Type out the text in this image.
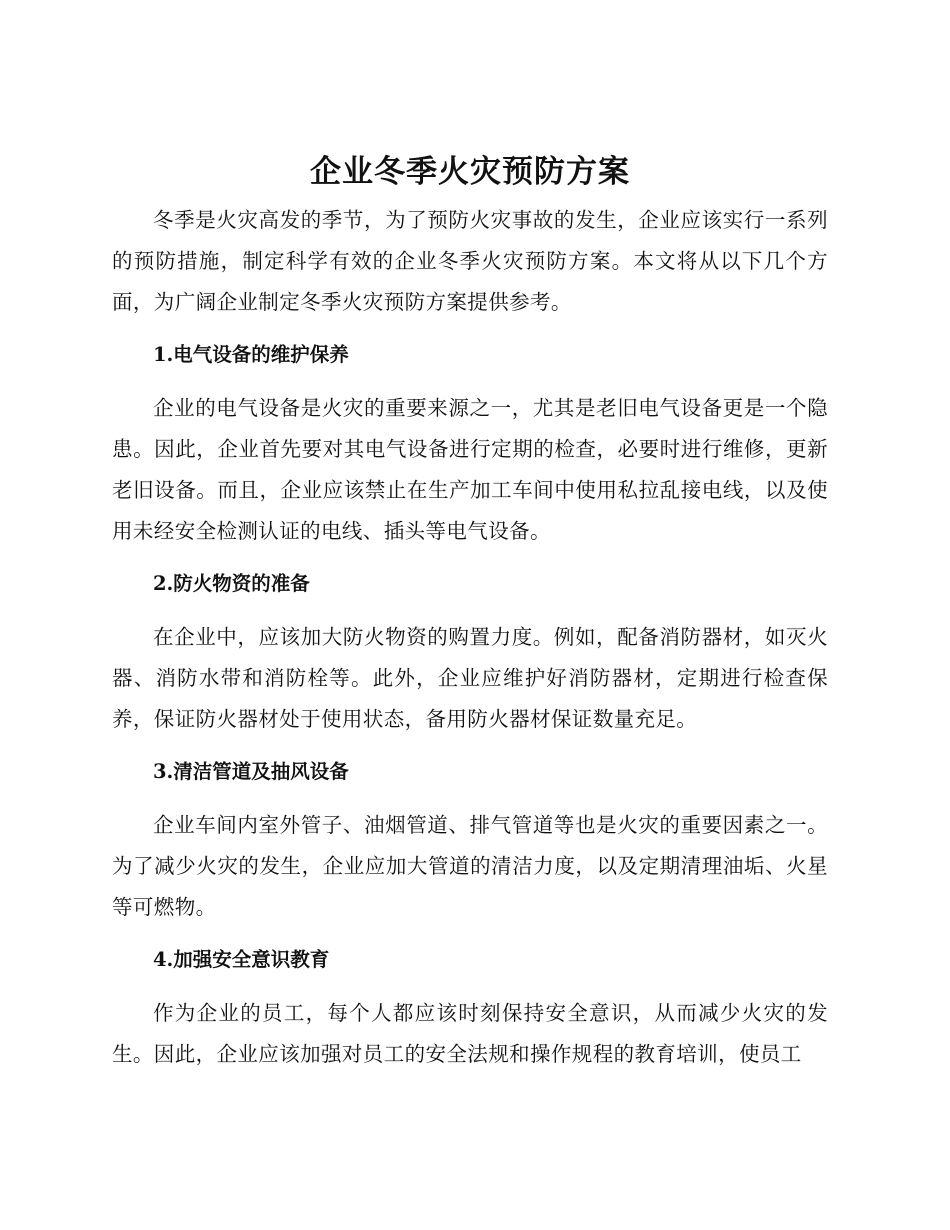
企业冬季火灾预防方案

冬季是火灾高发的季节，为了预防火灾事故的发生，企业应该实行一系列的预防措施，制定科学有效的企业冬季火灾预防方案。本文将从以下几个方面，为广阔企业制定冬季火灾预防方案提供参考。

1.电气设备的维护保养

企业的电气设备是火灾的重要来源之一，尤其是老旧电气设备更是一个隐患。因此，企业首先要对其电气设备进行定期的检查，必要时进行维修，更新老旧设备。而且，企业应该禁止在生产加工车间中使用私拉乱接电线，以及使用未经安全检测认证的电线、插头等电气设备。

2.防火物资的准备

在企业中，应该加大防火物资的购置力度。例如，配备消防器材，如灭火器、消防水带和消防栓等。此外，企业应维护好消防器材，定期进行检查保养，保证防火器材处于使用状态，备用防火器材保证数量充足。

3.清洁管道及抽风设备

企业车间内室外管子、油烟管道、排气管道等也是火灾的重要因素之一。为了减少火灾的发生，企业应加大管道的清洁力度，以及定期清理油垢、火星等可燃物。

4.加强安全意识教育

作为企业的员工，每个人都应该时刻保持安全意识，从而减少火灾的发生。因此，企业应该加强对员工的安全法规和操作规程的教育培训，使员工
